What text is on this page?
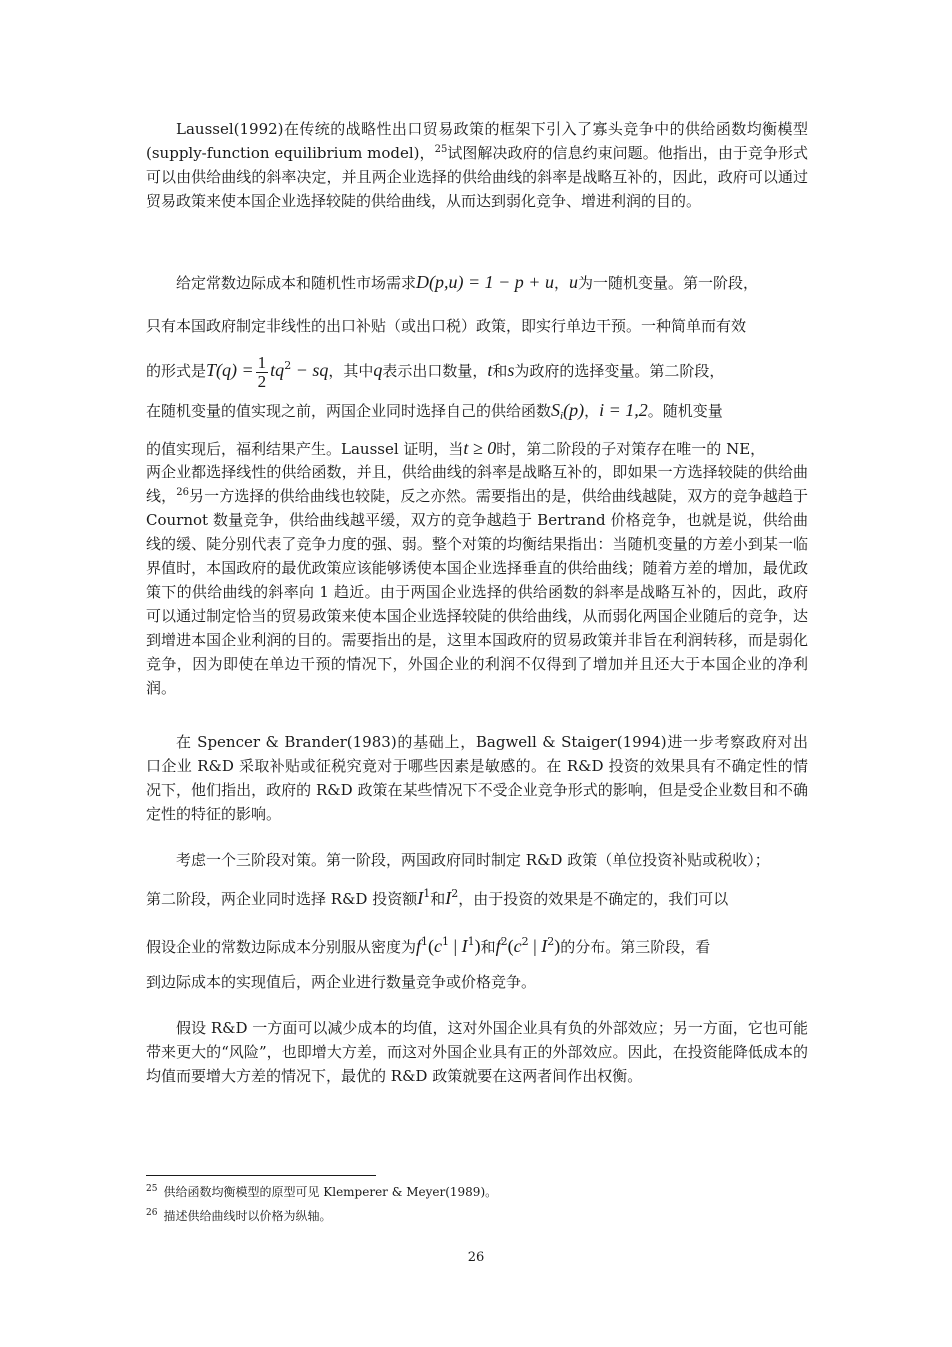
Laussel(1992)在传统的战略性出口贸易政策的框架下引入了寡头竞争中的供给函数均衡模型(supply-function equilibrium model)，$^{25}$试图解决政府的信息约束问题。他指出，由于竞争形式可以由供给曲线的斜率决定，并且两企业选择的供给曲线的斜率是战略互补的，因此，政府可以通过贸易政策来使本国企业选择较陡的供给曲线，从而达到弱化竞争、增进利润的目的。

给定常数边际成本和随机性市场需求D(p,u) = 1 − p + u，u为一随机变量。第一阶段，

只有本国政府制定非线性的出口补贴（或出口税）政策，即实行单边干预。一种简单而有效

的形式是$T(q) = \frac{1}{2} tq^2$ − sq，其中q表示出口数量，t和s为政府的选择变量。第二阶段，

在随机变量的值实现之前，两国企业同时选择自己的供给函数$S_i(p)$，i = 1,2。随机变量

的值实现后，福利结果产生。Laussel 证明，当t ≥ 0时，第二阶段的子对策存在唯一的 NE，

两企业都选择线性的供给函数，并且，供给曲线的斜率是战略互补的，即如果一方选择较陡的供给曲线，$^{26}$另一方选择的供给曲线也较陡，反之亦然。需要指出的是，供给曲线越陡，双方的竞争越趋于 Cournot 数量竞争，供给曲线越平缓，双方的竞争越趋于 Bertrand 价格竞争，也就是说，供给曲线的缓、陡分别代表了竞争力度的强、弱。整个对策的均衡结果指出：当随机变量的方差小到某一临界值时，本国政府的最优政策应该能够诱使本国企业选择垂直的供给曲线；随着方差的增加，最优政策下的供给曲线的斜率向 1 趋近。由于两国企业选择的供给函数的斜率是战略互补的，因此，政府可以通过制定恰当的贸易政策来使本国企业选择较陡的供给曲线，从而弱化两国企业随后的竞争，达到增进本国企业利润的目的。需要指出的是，这里本国政府的贸易政策并非旨在利润转移，而是弱化竞争，因为即使在单边干预的情况下，外国企业的利润不仅得到了增加并且还大于本国企业的净利润。

在 Spencer & Brander(1983)的基础上，Bagwell & Staiger(1994)进一步考察政府对出口企业 R&D 采取补贴或征税究竟对于哪些因素是敏感的。在 R&D 投资的效果具有不确定性的情况下，他们指出，政府的 R&D 政策在某些情况下不受企业竞争形式的影响，但是受企业数目和不确定性的特征的影响。

考虑一个三阶段对策。第一阶段，两国政府同时制定 R&D 政策（单位投资补贴或税收）；

第二阶段，两企业同时选择 R&D 投资额$I^1$和$I^2$，由于投资的效果是不确定的，我们可以

假设企业的常数边际成本分别服从密度为$f^1(c^1$ | $I^1$)和$f^2(c^2$ | $I^2$)的分布。第三阶段，看

到边际成本的实现值后，两企业进行数量竞争或价格竞争。

假设 R&D 一方面可以减少成本的均值，这对外国企业具有负的外部效应；另一方面，它也可能带来更大的“风险”，也即增大方差，而这对外国企业具有正的外部效应。因此，在投资能降低成本的均值而要增大方差的情况下，最优的 R&D 政策就要在这两者间作出权衡。

$^{25}$ 供给函数均衡模型的原型可见 Klemperer & Meyer(1989)。

$^{26}$ 描述供给曲线时以价格为纵轴。

26
